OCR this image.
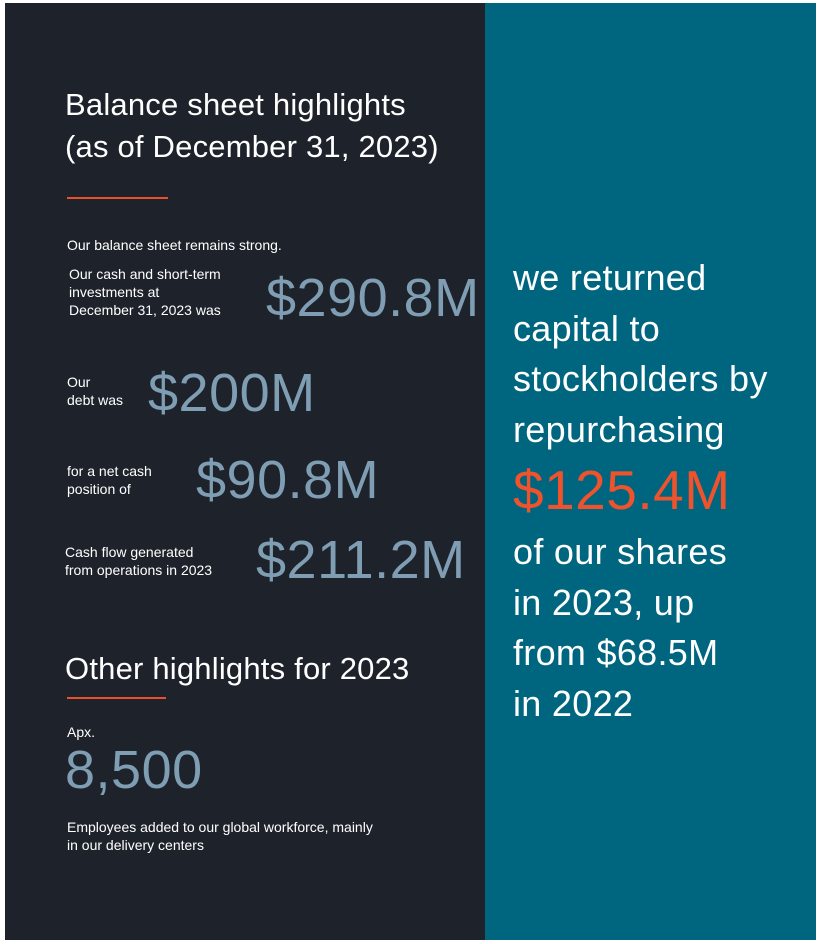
Balance sheet highlights
(as of December 31, 2023)
Our balance sheet remains strong.
Our cash and short-term
investments at
December 31, 2023 was $290.8M
Our
debt was $200M
for a net cash
position of	$90.8M
Cash flow generated
from operations in 2023 $211.2M
Other highlights for 2023
Apx.
8,500
Employees added to our global workforce, mainly
in our delivery centers
we returned
capital to
stockholders by
repurchasing
$125.4M
of our shares
in 2023, up
from $68.5M
in 2022
